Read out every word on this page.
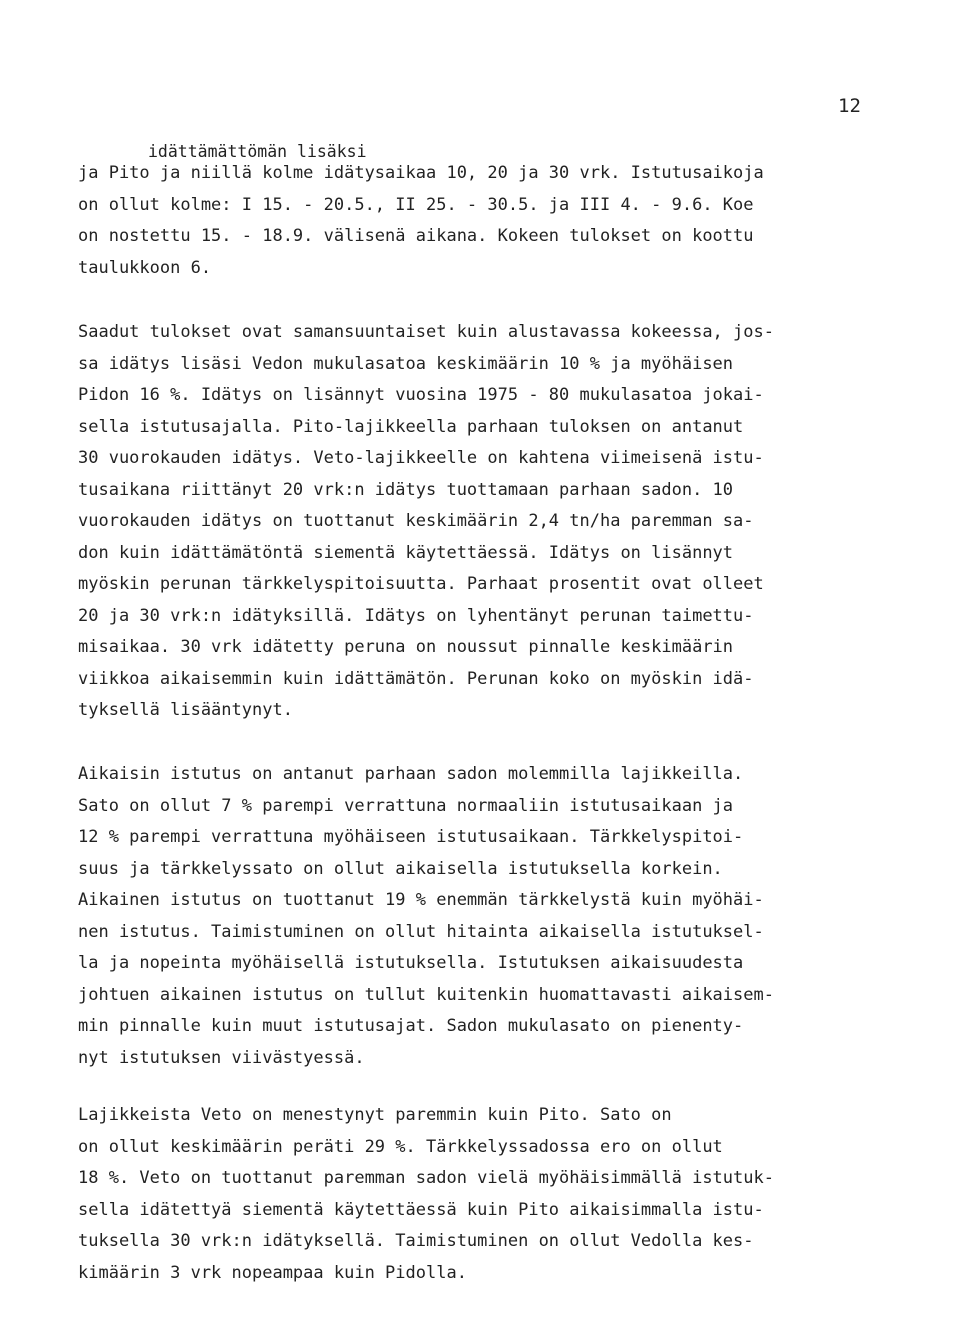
12
idättämättömän lisäksi
ja Pito ja niillä kolme idätysaikaa 10, 20 ja 30 vrk. Istutusaikoja
on ollut kolme: I 15. - 20.5., II 25. - 30.5. ja III 4. - 9.6. Koe
on nostettu 15. - 18.9. välisenä aikana. Kokeen tulokset on koottu
taulukkoon 6.
Saadut tulokset ovat samansuuntaiset kuin alustavassa kokeessa, jos-
sa idätys lisäsi Vedon mukulasatoa keskimäärin 10 % ja myöhäisen
Pidon 16 %. Idätys on lisännyt vuosina 1975 - 80 mukulasatoa jokai-
sella istutusajalla. Pito-lajikkeella parhaan tuloksen on antanut
30 vuorokauden idätys. Veto-lajikkeelle on kahtena viimeisenä istu-
tusaikana riittänyt 20 vrk:n idätys tuottamaan parhaan sadon. 10
vuorokauden idätys on tuottanut keskimäärin 2,4 tn/ha paremman sa-
don kuin idättämätöntä siementä käytettäessä. Idätys on lisännyt
myöskin perunan tärkkelyspitoisuutta. Parhaat prosentit ovat olleet
20 ja 30 vrk:n idätyksillä. Idätys on lyhentänyt perunan taimettu-
misaikaa. 30 vrk idätetty peruna on noussut pinnalle keskimäärin
viikkoa aikaisemmin kuin idättämätön. Perunan koko on myöskin idä-
tyksellä lisääntynyt.
Aikaisin istutus on antanut parhaan sadon molemmilla lajikkeilla.
Sato on ollut 7 % parempi verrattuna normaaliin istutusaikaan ja
12 % parempi verrattuna myöhäiseen istutusaikaan. Tärkkelyspitoi-
suus ja tärkkelyssato on ollut aikaisella istutuksella korkein.
Aikainen istutus on tuottanut 19 % enemmän tärkkelystä kuin myöhäi-
nen istutus. Taimistuminen on ollut hitainta aikaisella istutuksel-
la ja nopeinta myöhäisellä istutuksella. Istutuksen aikaisuudesta
johtuen aikainen istutus on tullut kuitenkin huomattavasti aikaisem-
min pinnalle kuin muut istutusajat. Sadon mukulasato on pienenty-
nyt istutuksen viivästyessä.
Lajikkeista Veto on menestynyt paremmin kuin Pito. Sato on
on ollut keskimäärin peräti 29 %. Tärkkelyssadossa ero on ollut
18 %. Veto on tuottanut paremman sadon vielä myöhäisimmällä istutuk-
sella idätettyä siementä käytettäessä kuin Pito aikaisimmalla istu-
tuksella 30 vrk:n idätyksellä. Taimistuminen on ollut Vedolla kes-
kimäärin 3 vrk nopeampaa kuin Pidolla.
